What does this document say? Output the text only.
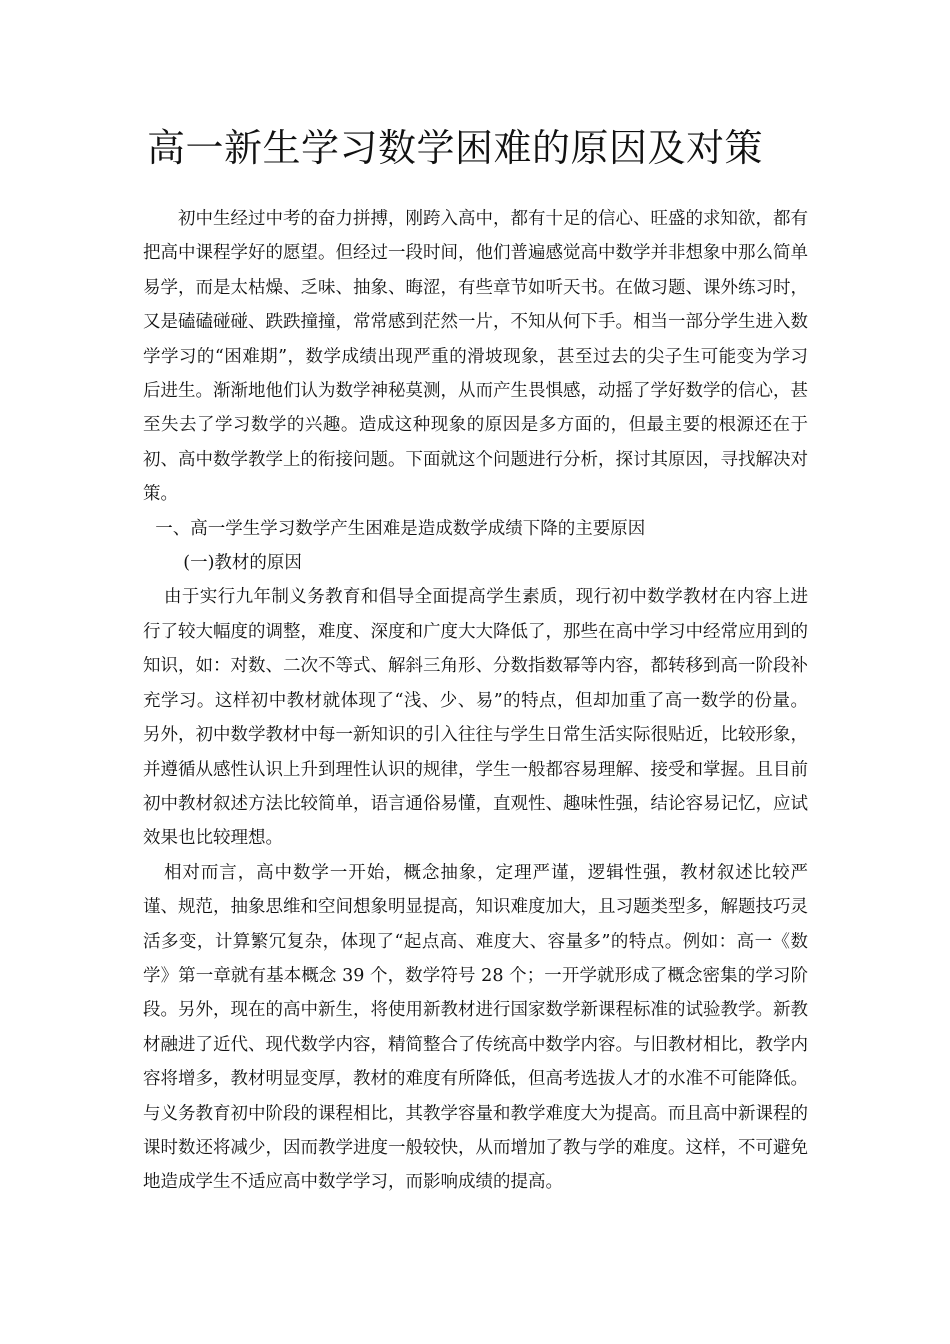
高一新生学习数学困难的原因及对策

初中生经过中考的奋力拼搏，刚跨入高中，都有十足的信心、旺盛的求知欲，都有把高中课程学好的愿望。但经过一段时间，他们普遍感觉高中数学并非想象中那么简单易学，而是太枯燥、乏味、抽象、晦涩，有些章节如听天书。在做习题、课外练习时，又是磕磕碰碰、跌跌撞撞，常常感到茫然一片，不知从何下手。相当一部分学生进入数学学习的“困难期”，数学成绩出现严重的滑坡现象，甚至过去的尖子生可能变为学习后进生。渐渐地他们认为数学神秘莫测，从而产生畏惧感，动摇了学好数学的信心，甚至失去了学习数学的兴趣。造成这种现象的原因是多方面的，但最主要的根源还在于初、高中数学教学上的衔接问题。下面就这个问题进行分析，探讨其原因，寻找解决对策。

一、高一学生学习数学产生困难是造成数学成绩下降的主要原因

(一)教材的原因

由于实行九年制义务教育和倡导全面提高学生素质，现行初中数学教材在内容上进行了较大幅度的调整，难度、深度和广度大大降低了，那些在高中学习中经常应用到的知识，如：对数、二次不等式、解斜三角形、分数指数幂等内容，都转移到高一阶段补充学习。这样初中教材就体现了“浅、少、易”的特点，但却加重了高一数学的份量。另外，初中数学教材中每一新知识的引入往往与学生日常生活实际很贴近，比较形象，并遵循从感性认识上升到理性认识的规律，学生一般都容易理解、接受和掌握。且目前初中教材叙述方法比较简单，语言通俗易懂，直观性、趣味性强，结论容易记忆，应试效果也比较理想。

相对而言，高中数学一开始，概念抽象，定理严谨，逻辑性强，教材叙述比较严谨、规范，抽象思维和空间想象明显提高，知识难度加大，且习题类型多，解题技巧灵活多变，计算繁冗复杂，体现了“起点高、难度大、容量多”的特点。例如：高一《数学》第一章就有基本概念 39 个，数学符号 28 个；一开学就形成了概念密集的学习阶段。另外，现在的高中新生，将使用新教材进行国家数学新课程标准的试验教学。新教材融进了近代、现代数学内容，精简整合了传统高中数学内容。与旧教材相比，教学内容将增多，教材明显变厚，教材的难度有所降低，但高考选拔人才的水准不可能降低。与义务教育初中阶段的课程相比，其教学容量和教学难度大为提高。而且高中新课程的课时数还将减少，因而教学进度一般较快，从而增加了教与学的难度。这样，不可避免地造成学生不适应高中数学学习，而影响成绩的提高。
